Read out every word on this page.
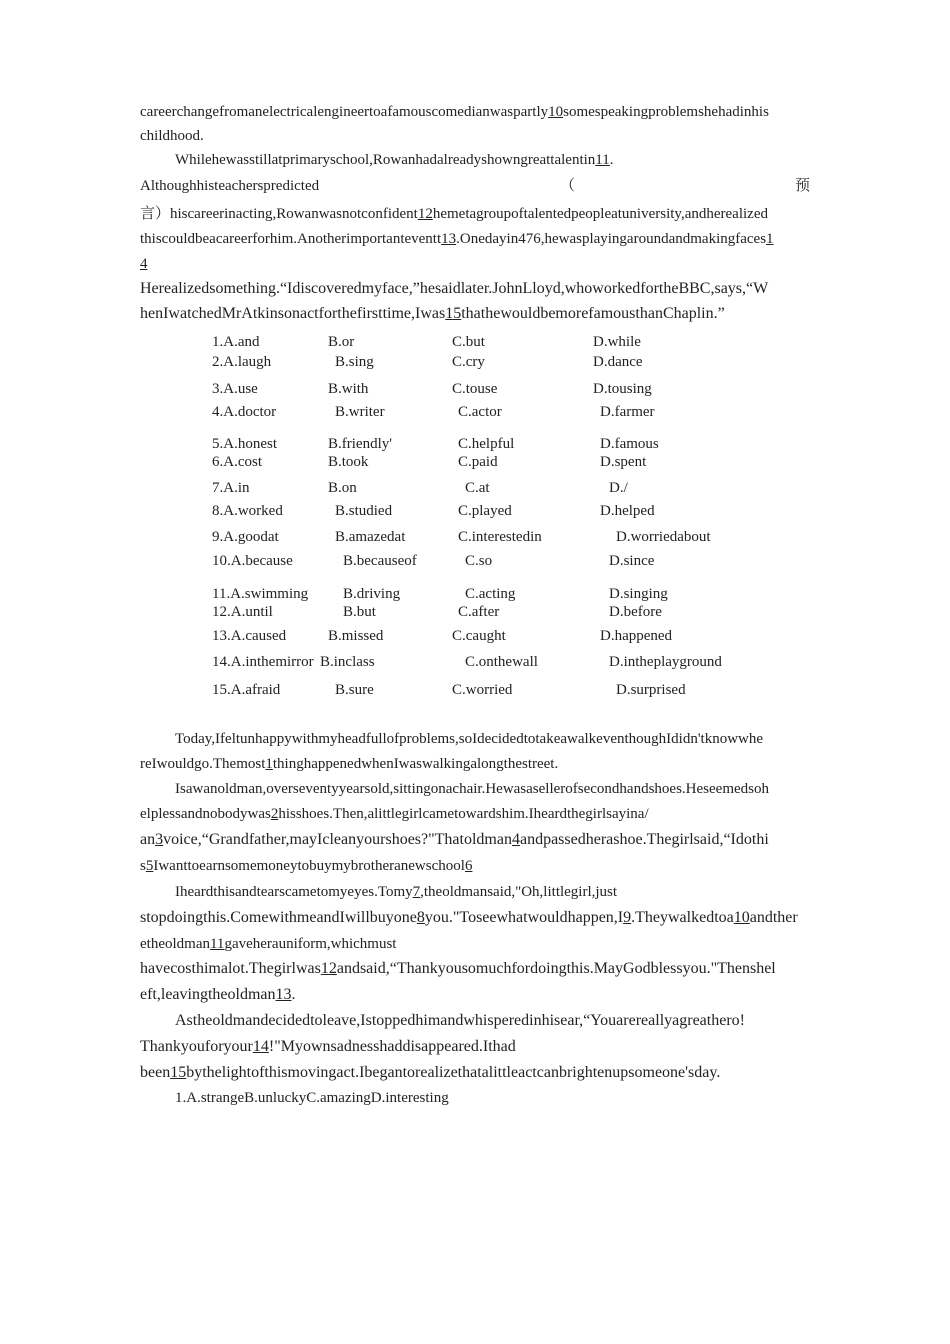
careerchangefromanelectricalengineertoafamouscomedianwaspartly10somespeakingproblemshehadinhis
childhood.
Whilehewasstillatprimaryschool,Rowanhadalreadyshowngreattalentin11.
Althoughhisteacherspredicted	（	预
言）hiscareerinacting,Rowanwasnotconfident12hemetagroupoftalentedpeopleatuniversity,andherealized
thiscouldbeacareerforhim.Anotherimportanteventt13.Onedayin476,hewasplayingaroundandmakingfaces1
4
Herealizedsomething.“Idiscoveredmyface,”hesaidlater.JohnLloyd,whoworkedfortheBBC,says,“W
henIwatchedMrAtkinsonactforthefirsttime,Iwas15thathewouldbemorefamousthanChaplin.”
1.A.and	B.or	C.but	D.while
2.A.laugh	B.sing	C.cry	D.dance
3.A.use	B.with	C.touse	D.tousing
4.A.doctor	B.writer	C.actor	D.farmer
5.A.honest	B.friendly'	C.helpful	D.famous
6.A.cost	B.took	C.paid	D.spent
7.A.in	B.on	C.at	D./
8.A.worked	B.studied	C.played	D.helped
9.A.goodat	B.amazedat	C.interestedin	D.worriedabout
10.A.because	B.becauseof	C.so	D.since
11.A.swimming B.driving	C.acting	D.singing
12.A.until	B.but	C.after	D.before
13.A.caused	B.missed	C.caught	D.happened
14.A.inthemirror B.inclass	C.onthewall	D.intheplayground
15.A.afraid	B.sure	C.worried	D.surprised
Today,Ifeltunhappywithmyheadfullofproblems,soIdecidedtotakeawalkeventhoughIdidn'tknowwhe
reIwouldgo.Themost1thinghappenedwhenIwaswalkingalongthestreet.
Isawanoldman,overseventyyearsold,sittingonachair.Hewasasellerofsecondhandshoes.Heseemedsoh
elplessandnobodywas2hisshoes.Then,alittlegirlcametowardshim.Iheardthegirlsayina/
an3voice,“Grandfather,mayIcleanyourshoes?"Thatoldman4andpassedherashoe.Thegirlsaid,“Idothi
s5Iwanttoearnsomemoneytobuymybrotheranewschool6
Iheardthisandtearscametomyeyes.Tomy7,theoldmansaid,"Oh,littlegirl,just
stopdoingthis.ComewithmeandIwillbuyone8you."Toseewhatwouldhappen,I9.Theywalkedtoa10andther
etheoldman11gaveherauniform,whichmust
havecosthimalot.Thegirlwas12andsaid,“Thankyousomuchfordoingthis.MayGodblessyou."Thenshel
eft,leavingtheoldman13.
Astheoldmandecidedtoleave,Istoppedhimandwhisperedinhisear,“Youarereallyagreathero!
Thankyouforyour14!"Myownsadnesshaddisappeared.Ithad
been15bythelightofthismovingact.Ibegantorealizethatalittleactcanbrightenupsomeone'sday.
1.A.strangeB.unluckyC.amazingD.interesting
